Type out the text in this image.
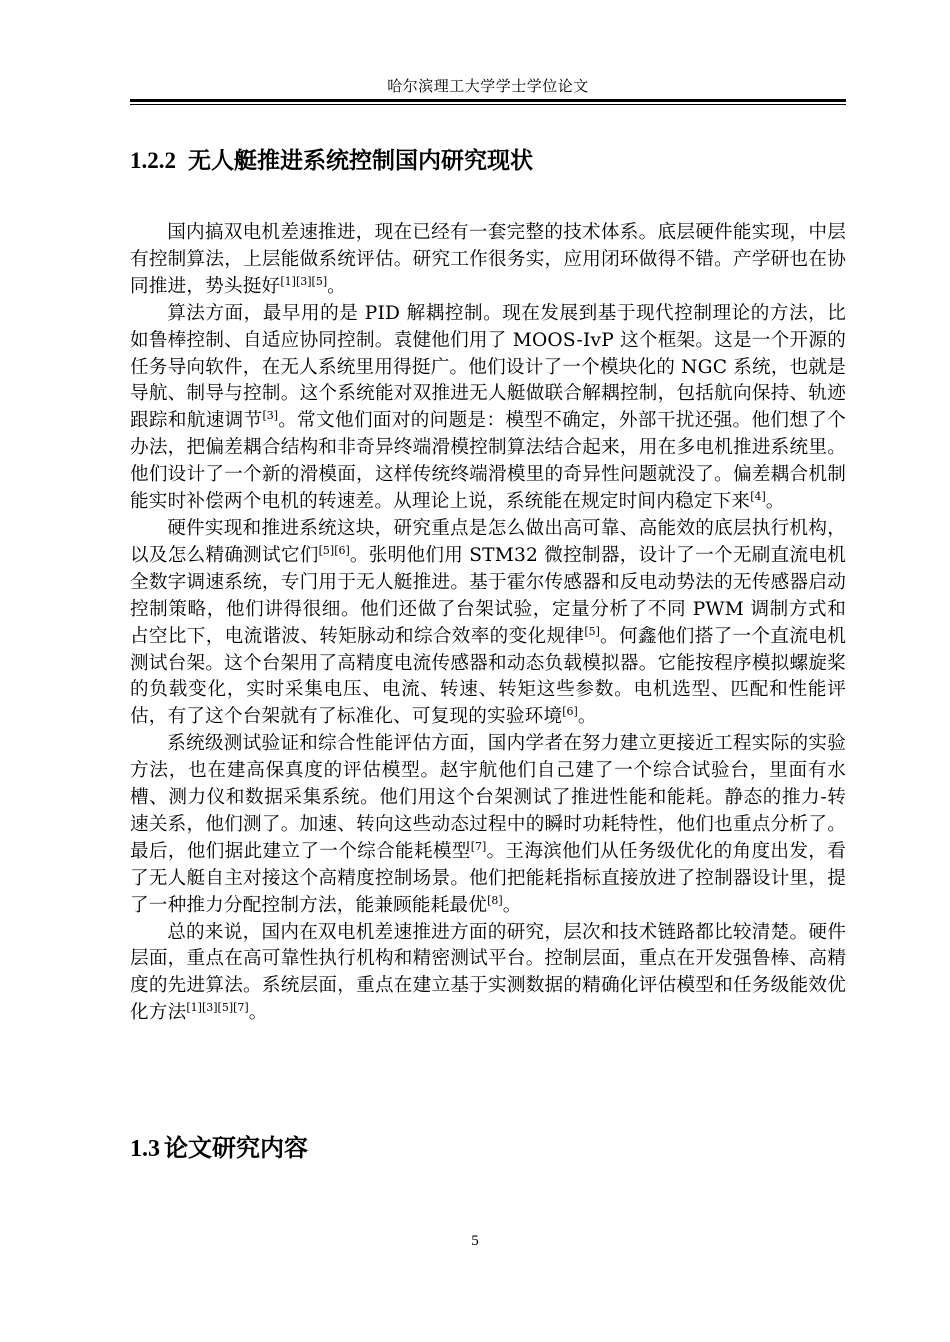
哈尔滨理工大学学士学位论文
1.2.2 无人艇推进系统控制国内研究现状

国内搞双电机差速推进，现在已经有一套完整的技术体系。底层硬件能实现，中层有控制算法，上层能做系统评估。研究工作很务实，应用闭环做得不错。产学研也在协同推进，势头挺好[1][3][5]。

算法方面，最早用的是 PID 解耦控制。现在发展到基于现代控制理论的方法，比如鲁棒控制、自适应协同控制。袁健他们用了 MOOS-IvP 这个框架。这是一个开源的任务导向软件，在无人系统里用得挺广。他们设计了一个模块化的 NGC 系统，也就是导航、制导与控制。这个系统能对双推进无人艇做联合解耦控制，包括航向保持、轨迹跟踪和航速调节[3]。常文他们面对的问题是：模型不确定，外部干扰还强。他们想了个办法，把偏差耦合结构和非奇异终端滑模控制算法结合起来，用在多电机推进系统里。他们设计了一个新的滑模面，这样传统终端滑模里的奇异性问题就没了。偏差耦合机制能实时补偿两个电机的转速差。从理论上说，系统能在规定时间内稳定下来[4]。

硬件实现和推进系统这块，研究重点是怎么做出高可靠、高能效的底层执行机构，以及怎么精确测试它们[5][6]。张明他们用 STM32 微控制器，设计了一个无刷直流电机全数字调速系统，专门用于无人艇推进。基于霍尔传感器和反电动势法的无传感器启动控制策略，他们讲得很细。他们还做了台架试验，定量分析了不同 PWM 调制方式和占空比下，电流谐波、转矩脉动和综合效率的变化规律[5]。何鑫他们搭了一个直流电机测试台架。这个台架用了高精度电流传感器和动态负载模拟器。它能按程序模拟螺旋桨的负载变化，实时采集电压、电流、转速、转矩这些参数。电机选型、匹配和性能评估，有了这个台架就有了标准化、可复现的实验环境[6]。

系统级测试验证和综合性能评估方面，国内学者在努力建立更接近工程实际的实验方法，也在建高保真度的评估模型。赵宇航他们自己建了一个综合试验台，里面有水槽、测力仪和数据采集系统。他们用这个台架测试了推进性能和能耗。静态的推力-转速关系，他们测了。加速、转向这些动态过程中的瞬时功耗特性，他们也重点分析了。最后，他们据此建立了一个综合能耗模型[7]。王海滨他们从任务级优化的角度出发，看了无人艇自主对接这个高精度控制场景。他们把能耗指标直接放进了控制器设计里，提了一种推力分配控制方法，能兼顾能耗最优[8]。

总的来说，国内在双电机差速推进方面的研究，层次和技术链路都比较清楚。硬件层面，重点在高可靠性执行机构和精密测试平台。控制层面，重点在开发强鲁棒、高精度的先进算法。系统层面，重点在建立基于实测数据的精确化评估模型和任务级能效优化方法[1][3][5][7]。

1.3 论文研究内容
5
